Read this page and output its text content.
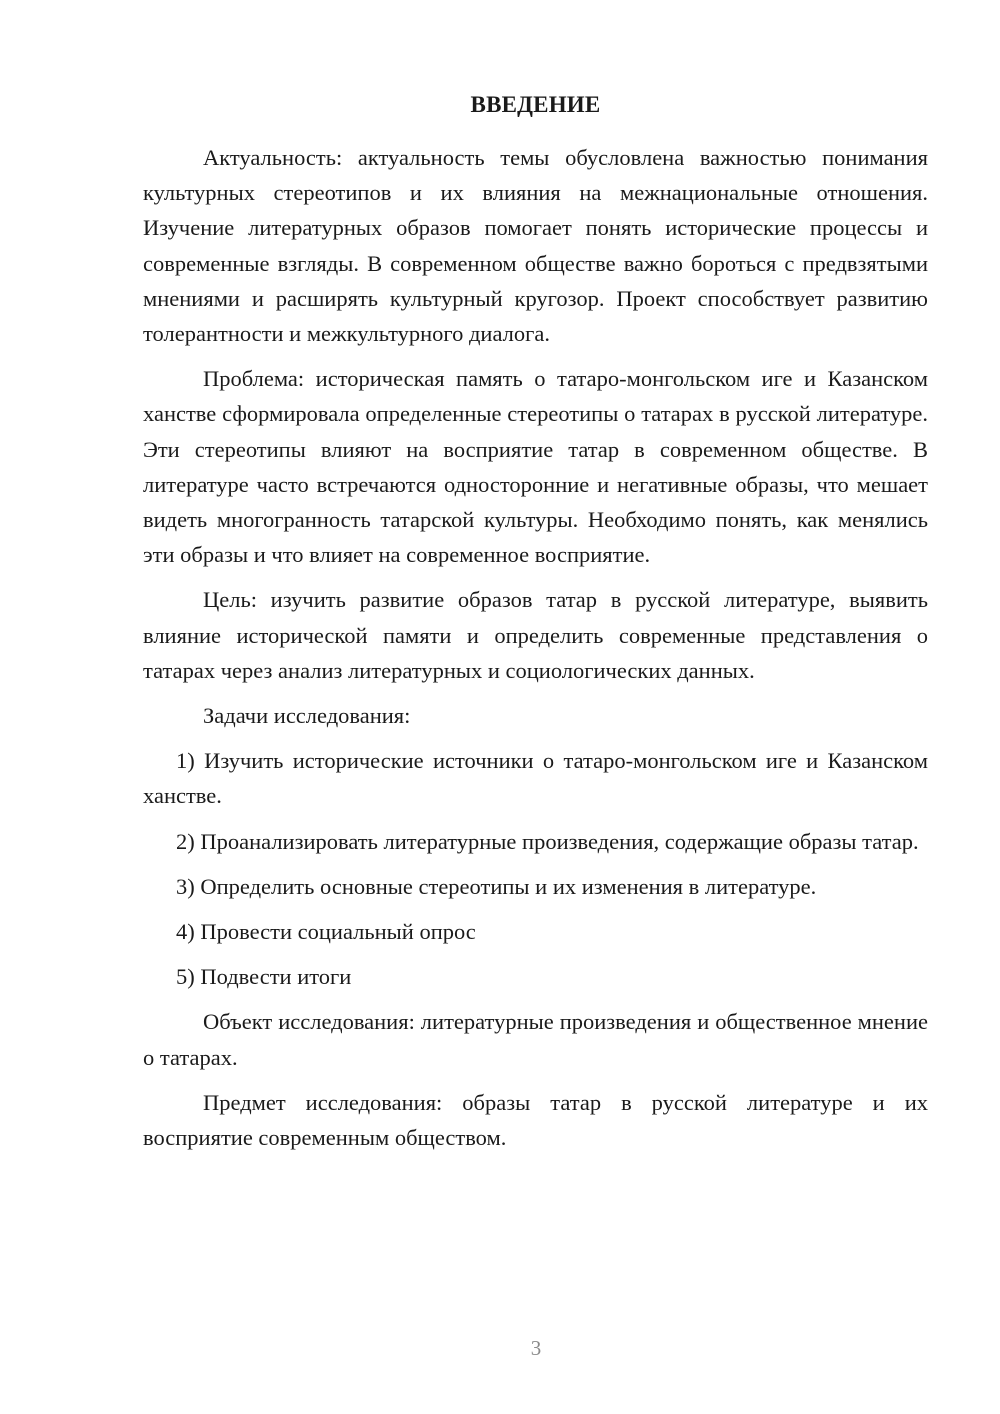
ВВЕДЕНИЕ

Актуальность: актуальность темы обусловлена важностью понимания культурных стереотипов и их влияния на межнациональные отношения. Изучение литературных образов помогает понять исторические процессы и современные взгляды. В современном обществе важно бороться с предвзятыми мнениями и расширять культурный кругозор. Проект способствует развитию толерантности и межкультурного диалога.

Проблема: историческая память о татаро-монгольском иге и Казанском ханстве сформировала определенные стереотипы о татарах в русской литературе. Эти стереотипы влияют на восприятие татар в современном обществе. В литературе часто встречаются односторонние и негативные образы, что мешает видеть многогранность татарской культуры. Необходимо понять, как менялись эти образы и что влияет на современное восприятие.

Цель: изучить развитие образов татар в русской литературе, выявить влияние исторической памяти и определить современные представления о татарах через анализ литературных и социологических данных.

Задачи исследования:

1) Изучить исторические источники о татаро-монгольском иге и Казанском ханстве.

2) Проанализировать литературные произведения, содержащие образы татар.

3) Определить основные стереотипы и их изменения в литературе.

4) Провести социальный опрос

5) Подвести итоги

Объект исследования: литературные произведения и общественное мнение о татарах.

Предмет исследования: образы татар в русской литературе и их восприятие современным обществом.

3
